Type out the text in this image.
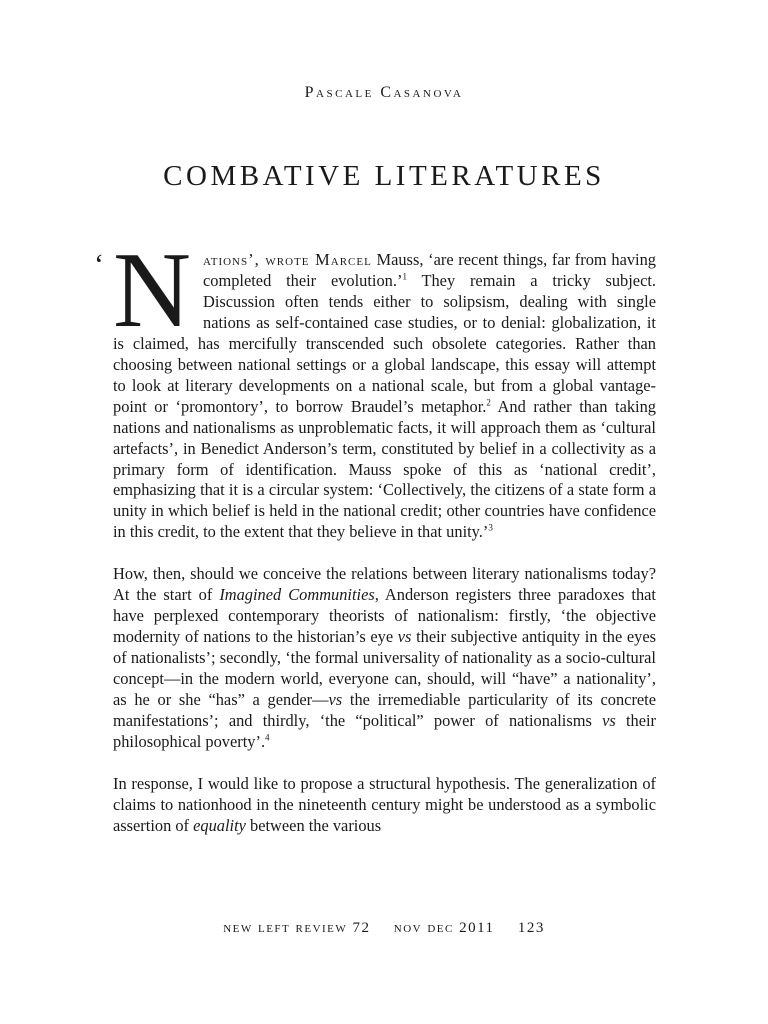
Pascale Casanova
COMBATIVE LITERATURES
‘ Nations’, wrote Marcel Mauss, ‘are recent things, far from having completed their evolution.’$^1$ They remain a tricky subject. Discussion often tends either to solipsism, dealing with single nations as self-contained case studies, or to denial: globalization, it is claimed, has mercifully transcended such obsolete categories. Rather than choosing between national settings or a global landscape, this essay will attempt to look at literary developments on a national scale, but from a global vantage-point or ‘promontory’, to borrow Braudel’s metaphor.$^2$ And rather than taking nations and nationalisms as unproblematic facts, it will approach them as ‘cultural artefacts’, in Benedict Anderson’s term, constituted by belief in a collectivity as a primary form of identification. Mauss spoke of this as ‘national credit’, emphasizing that it is a circular system: ‘Collectively, the citizens of a state form a unity in which belief is held in the national credit; other countries have confidence in this credit, to the extent that they believe in that unity.’$^3$

How, then, should we conceive the relations between literary nationalisms today? At the start of Imagined Communities, Anderson registers three paradoxes that have perplexed contemporary theorists of nationalism: firstly, ‘the objective modernity of nations to the historian’s eye vs their subjective antiquity in the eyes of nationalists’; secondly, ‘the formal universality of nationality as a socio-cultural concept—in the modern world, everyone can, should, will “have” a nationality’, as he or she “has” a gender—vs the irremediable particularity of its concrete manifestations’; and thirdly, ‘the “political” power of nationalisms vs their philosophical poverty’.$^4$

In response, I would like to propose a structural hypothesis. The generalization of claims to nationhood in the nineteenth century might be understood as a symbolic assertion of equality between the various

new left review 72 nov dec 2011 123
